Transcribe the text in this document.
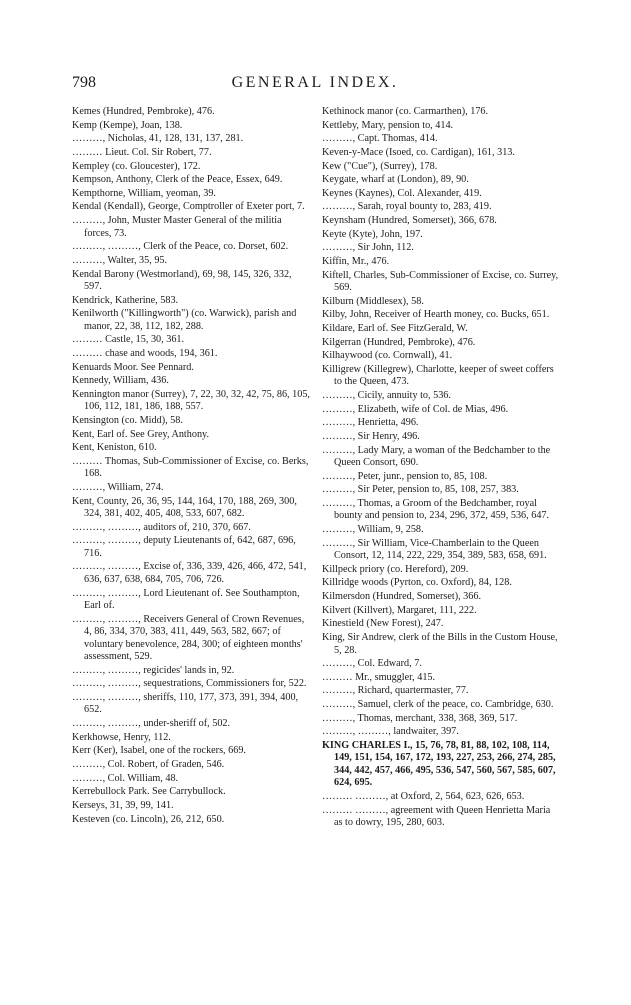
798	GENERAL INDEX.
Kemes (Hundred, Pembroke), 476.
Kemp (Kempe), Joan, 138.
………, Nicholas, 41, 128, 131, 137, 281.
……… Lieut. Col. Sir Robert, 77.
Kempley (co. Gloucester), 172.
Kempson, Anthony, Clerk of the Peace, Essex, 649.
Kempthorne, William, yeoman, 39.
Kendal (Kendall), George, Comptroller of Exeter port, 7.
………, John, Muster Master General of the militia forces, 73.
………, ………, Clerk of the Peace, co. Dorset, 602.
………, Walter, 35, 95.
Kendal Barony (Westmorland), 69, 98, 145, 326, 332, 597.
Kendrick, Katherine, 583.
Kenilworth ("Killingworth") (co. Warwick), parish and manor, 22, 38, 112, 182, 288.
……… Castle, 15, 30, 361.
……… chase and woods, 194, 361.
Kenuards Moor. See Pennard.
Kennedy, William, 436.
Kennington manor (Surrey), 7, 22, 30, 32, 42, 75, 86, 105, 106, 112, 181, 186, 188, 557.
Kensington (co. Midd), 58.
Kent, Earl of. See Grey, Anthony.
Kent, Keniston, 610.
……… Thomas, Sub-Commissioner of Excise, co. Berks, 168.
………, William, 274.
Kent, County, 26, 36, 95, 144, 164, 170, 188, 269, 300, 324, 381, 402, 405, 408, 533, 607, 682.
………, ………, auditors of, 210, 370, 667.
………, ………, deputy Lieutenants of, 642, 687, 696, 716.
………, ………, Excise of, 336, 339, 426, 466, 472, 541, 636, 637, 638, 684, 705, 706, 726.
………, ………, Lord Lieutenant of. See Southampton, Earl of.
………, ………, Receivers General of Crown Revenues, 4, 86, 334, 370, 383, 411, 449, 563, 582, 667; of voluntary benevolence, 284, 300; of eighteen months' assessment, 529.
………, ………, regicides' lands in, 92.
………, ………, sequestrations, Commissioners for, 522.
………, ………, sheriffs, 110, 177, 373, 391, 394, 400, 652.
………, ………, under-sheriff of, 502.
Kerkhowse, Henry, 112.
Kerr (Ker), Isabel, one of the rockers, 669.
………, Col. Robert, of Graden, 546.
………, Col. William, 48.
Kerrebullock Park. See Carrybullock.
Kerseys, 31, 39, 99, 141.
Kesteven (co. Lincoln), 26, 212, 650.
Kethinock manor (co. Carmarthen), 176.
Kettleby, Mary, pension to, 414.
………, Capt. Thomas, 414.
Keven-y-Mace (Isoed, co. Cardigan), 161, 313.
Kew ("Cue"), (Surrey), 178.
Keygate, wharf at (London), 89, 90.
Keynes (Kaynes), Col. Alexander, 419.
………, Sarah, royal bounty to, 283, 419.
Keynsham (Hundred, Somerset), 366, 678.
Keyte (Kyte), John, 197.
………, Sir John, 112.
Kiffin, Mr., 476.
Kiftell, Charles, Sub-Commissioner of Excise, co. Surrey, 569.
Kilburn (Middlesex), 58.
Kilby, John, Receiver of Hearth money, co. Bucks, 651.
Kildare, Earl of. See FitzGerald, W.
Kilgerran (Hundred, Pembroke), 476.
Kilhaywood (co. Cornwall), 41.
Killigrew (Killegrew), Charlotte, keeper of sweet coffers to the Queen, 473.
………, Cicily, annuity to, 536.
………, Elizabeth, wife of Col. de Mias, 496.
………, Henrietta, 496.
………, Sir Henry, 496.
………, Lady Mary, a woman of the Bedchamber to the Queen Consort, 690.
………, Peter, junr., pension to, 85, 108.
………, Sir Peter, pension to, 85, 108, 257, 383.
………, Thomas, a Groom of the Bedchamber, royal bounty and pension to, 234, 296, 372, 459, 536, 647.
………, William, 9, 258.
………, Sir William, Vice-Chamberlain to the Queen Consort, 12, 114, 222, 229, 354, 389, 583, 658, 691.
Killpeck priory (co. Hereford), 209.
Killridge woods (Pyrton, co. Oxford), 84, 128.
Kilmersdon (Hundred, Somerset), 366.
Kilvert (Killvert), Margaret, 111, 222.
Kinestield (New Forest), 247.
King, Sir Andrew, clerk of the Bills in the Custom House, 5, 28.
………, Col. Edward, 7.
……… Mr., smuggler, 415.
………, Richard, quartermaster, 77.
………, Samuel, clerk of the peace, co. Cambridge, 630.
………, Thomas, merchant, 338, 368, 369, 517.
………, ………, landwaiter, 397.
KING CHARLES I., 15, 76, 78, 81, 88, 102, 108, 114, 149, 151, 154, 167, 172, 193, 227, 253, 266, 274, 285, 344, 442, 457, 466, 495, 536, 547, 560, 567, 585, 607, 624, 695.
……… ………, at Oxford, 2, 564, 623, 626, 653.
……… ………, agreement with Queen Henrietta Maria as to dowry, 195, 280, 603.
